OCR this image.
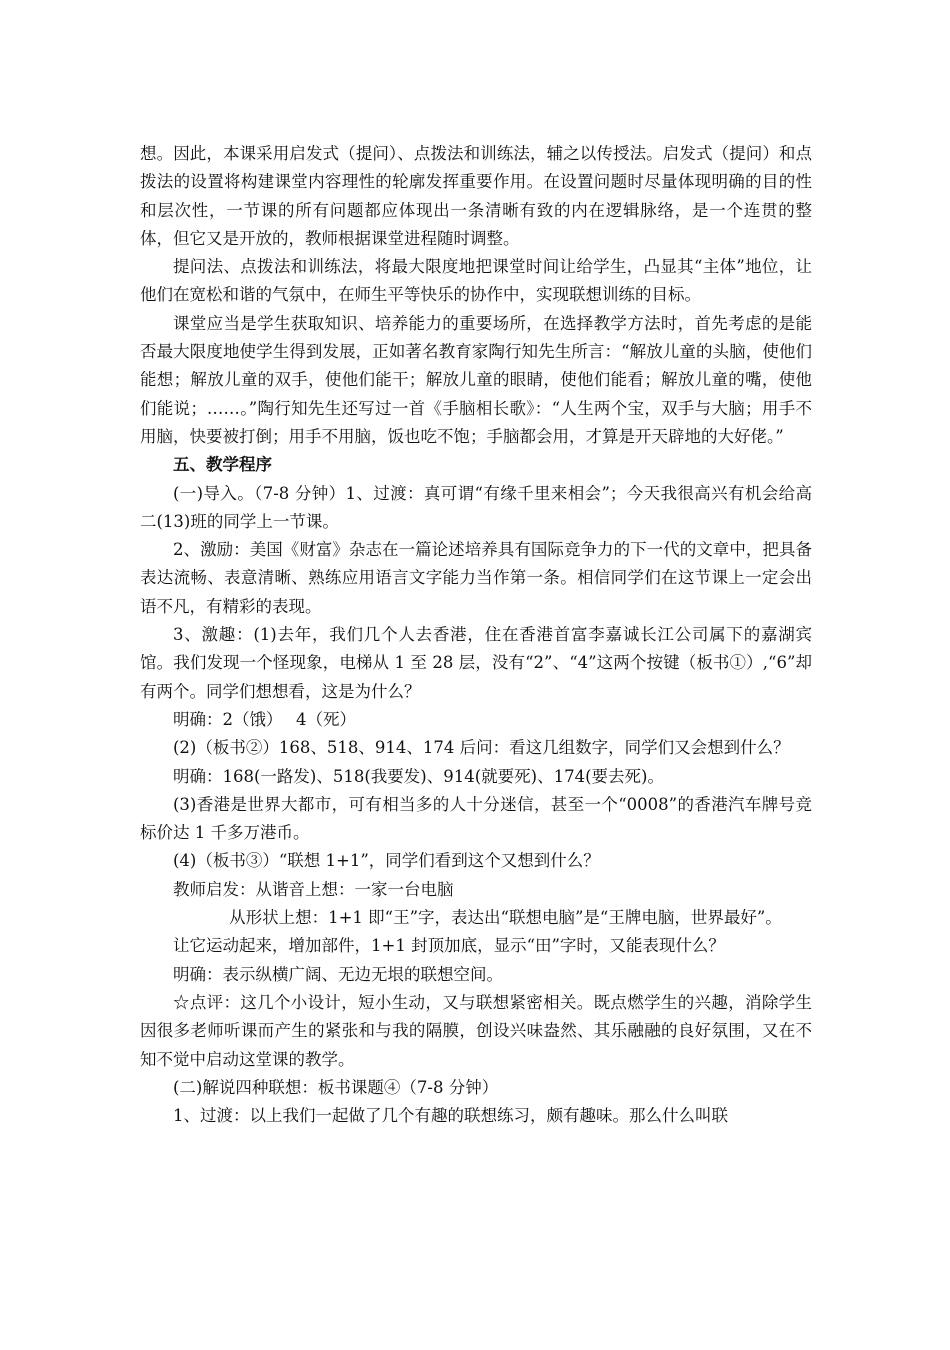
想。因此，本课采用启发式（提问）、点拨法和训练法，辅之以传授法。启发式（提问）和点拨法的设置将构建课堂内容理性的轮廓发挥重要作用。在设置问题时尽量体现明确的目的性和层次性，一节课的所有问题都应体现出一条清晰有致的内在逻辑脉络，是一个连贯的整体，但它又是开放的，教师根据课堂进程随时调整。

提问法、点拨法和训练法，将最大限度地把课堂时间让给学生，凸显其“主体”地位，让他们在宽松和谐的气氛中，在师生平等快乐的协作中，实现联想训练的目标。

课堂应当是学生获取知识、培养能力的重要场所，在选择教学方法时，首先考虑的是能否最大限度地使学生得到发展，正如著名教育家陶行知先生所言：“解放儿童的头脑，使他们能想；解放儿童的双手，使他们能干；解放儿童的眼睛，使他们能看；解放儿童的嘴，使他们能说；……。”陶行知先生还写过一首《手脑相长歌》：“人生两个宝，双手与大脑；用手不用脑，快要被打倒；用手不用脑，饭也吃不饱；手脑都会用，才算是开天辟地的大好佬。”

五、教学程序

(一)导入。（7-8 分钟）1、过渡：真可谓“有缘千里来相会”；今天我很高兴有机会给高二(13)班的同学上一节课。

2、激励：美国《财富》杂志在一篇论述培养具有国际竞争力的下一代的文章中，把具备表达流畅、表意清晰、熟练应用语言文字能力当作第一条。相信同学们在这节课上一定会出语不凡，有精彩的表现。

3、激趣：(1)去年，我们几个人去香港，住在香港首富李嘉诚长江公司属下的嘉湖宾馆。我们发现一个怪现象，电梯从 1 至 28 层，没有“2”、“4”这两个按键（板书①）,“6”却有两个。同学们想想看，这是为什么？

明确：2（饿）　 4（死）

(2)（板书②）168、518、914、174 后问：看这几组数字，同学们又会想到什么？

明确：168(一路发)、518(我要发)、914(就要死)、174(要去死)。

(3)香港是世界大都市，可有相当多的人十分迷信，甚至一个“0008”的香港汽车牌号竞标价达 1 千多万港币。

(4)（板书③）“联想 1+1”，同学们看到这个又想到什么？

教师启发：从谐音上想：一家一台电脑

从形状上想：1+1 即“王”字，表达出“联想电脑”是“王牌电脑，世界最好”。

让它运动起来，增加部件，1+1 封顶加底，显示“田”字时，又能表现什么？

明确：表示纵横广阔、无边无垠的联想空间。

☆点评：这几个小设计，短小生动，又与联想紧密相关。既点燃学生的兴趣，消除学生因很多老师听课而产生的紧张和与我的隔膜，创设兴味盎然、其乐融融的良好氛围，又在不知不觉中启动这堂课的教学。

(二)解说四种联想：板书课题④（7-8 分钟）

1、过渡：以上我们一起做了几个有趣的联想练习，颇有趣味。那么什么叫联
